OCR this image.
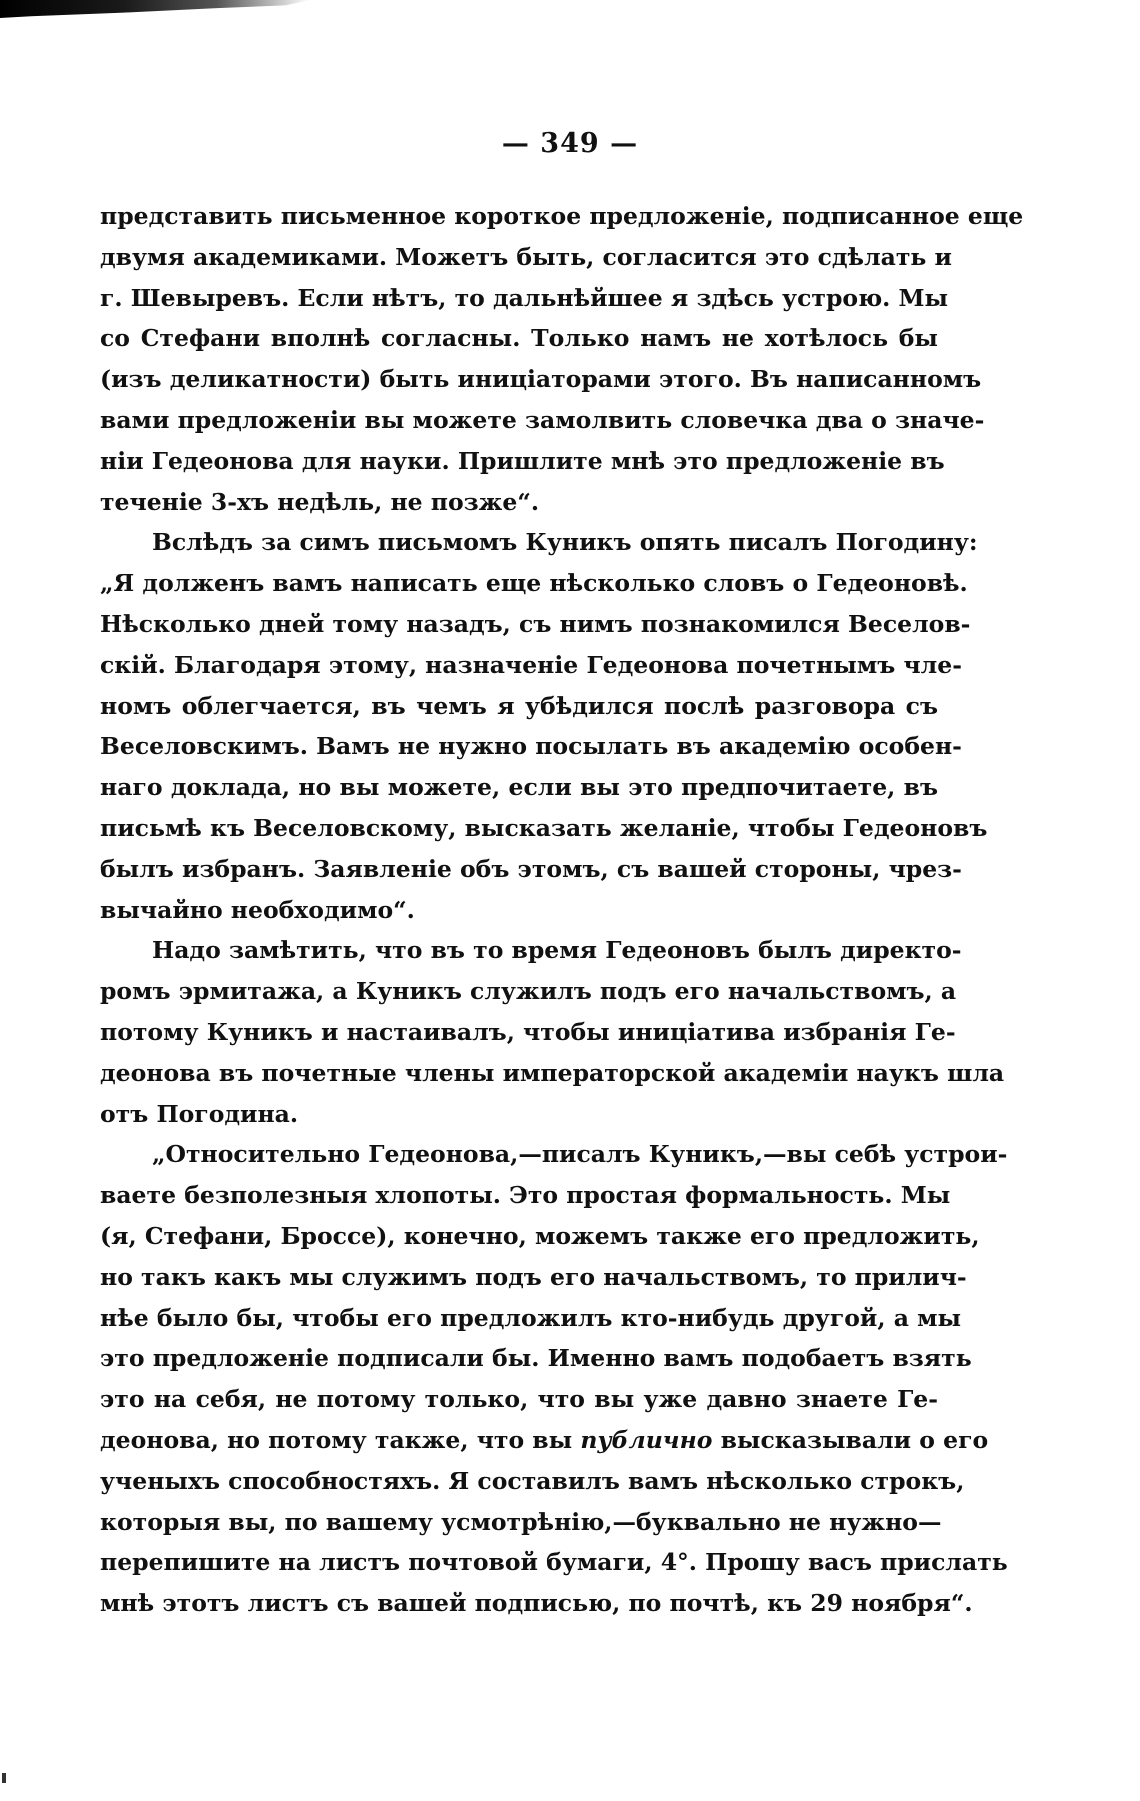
— 349 —
представить письменное короткое предложеніе, подписанное еще
двумя академиками. Можетъ быть, согласится это сдѣлать и
г. Шевыревъ. Если нѣтъ, то дальнѣйшее я здѣсь устрою. Мы
со Стефани вполнѣ согласны. Только намъ не хотѣлось бы
(изъ деликатности) быть иниціаторами этого. Въ написанномъ
вами предложеніи вы можете замолвить словечка два о значе-
ніи Гедеонова для науки. Пришлите мнѣ это предложеніе въ
теченіе 3-хъ недѣль, не позже“.
Вслѣдъ за симъ письмомъ Куникъ опять писалъ Погодину:
„Я долженъ вамъ написать еще нѣсколько словъ о Гедеоновѣ.
Нѣсколько дней тому назадъ, съ нимъ познакомился Веселов-
скій. Благодаря этому, назначеніе Гедеонова почетнымъ чле-
номъ облегчается, въ чемъ я убѣдился послѣ разговора съ
Веселовскимъ. Вамъ не нужно посылать въ академію особен-
наго доклада, но вы можете, если вы это предпочитаете, въ
письмѣ къ Веселовскому, высказать желаніе, чтобы Гедеоновъ
былъ избранъ. Заявленіе объ этомъ, съ вашей стороны, чрез-
вычайно необходимо“.
Надо замѣтить, что въ то время Гедеоновъ былъ директо-
ромъ эрмитажа, а Куникъ служилъ подъ его начальствомъ, а
потому Куникъ и настаивалъ, чтобы иниціатива избранія Ге-
деонова въ почетные члены императорской академіи наукъ шла
отъ Погодина.
„Относительно Гедеонова,—писалъ Куникъ,—вы себѣ устрои-
ваете безполезныя хлопоты. Это простая формальность. Мы
(я, Стефани, Броссе), конечно, можемъ также его предложить,
но такъ какъ мы служимъ подъ его начальствомъ, то прилич-
нѣе было бы, чтобы его предложилъ кто-нибудь другой, а мы
это предложеніе подписали бы. Именно вамъ подобаетъ взять
это на себя, не потому только, что вы уже давно знаете Ге-
деонова, но потому также, что вы публично высказывали о его
ученыхъ способностяхъ. Я составилъ вамъ нѣсколько строкъ,
которыя вы, по вашему усмотрѣнію,—буквально не нужно—
перепишите на листъ почтовой бумаги, 4°. Прошу васъ прислать
мнѣ этотъ листъ съ вашей подписью, по почтѣ, къ 29 ноября“.
